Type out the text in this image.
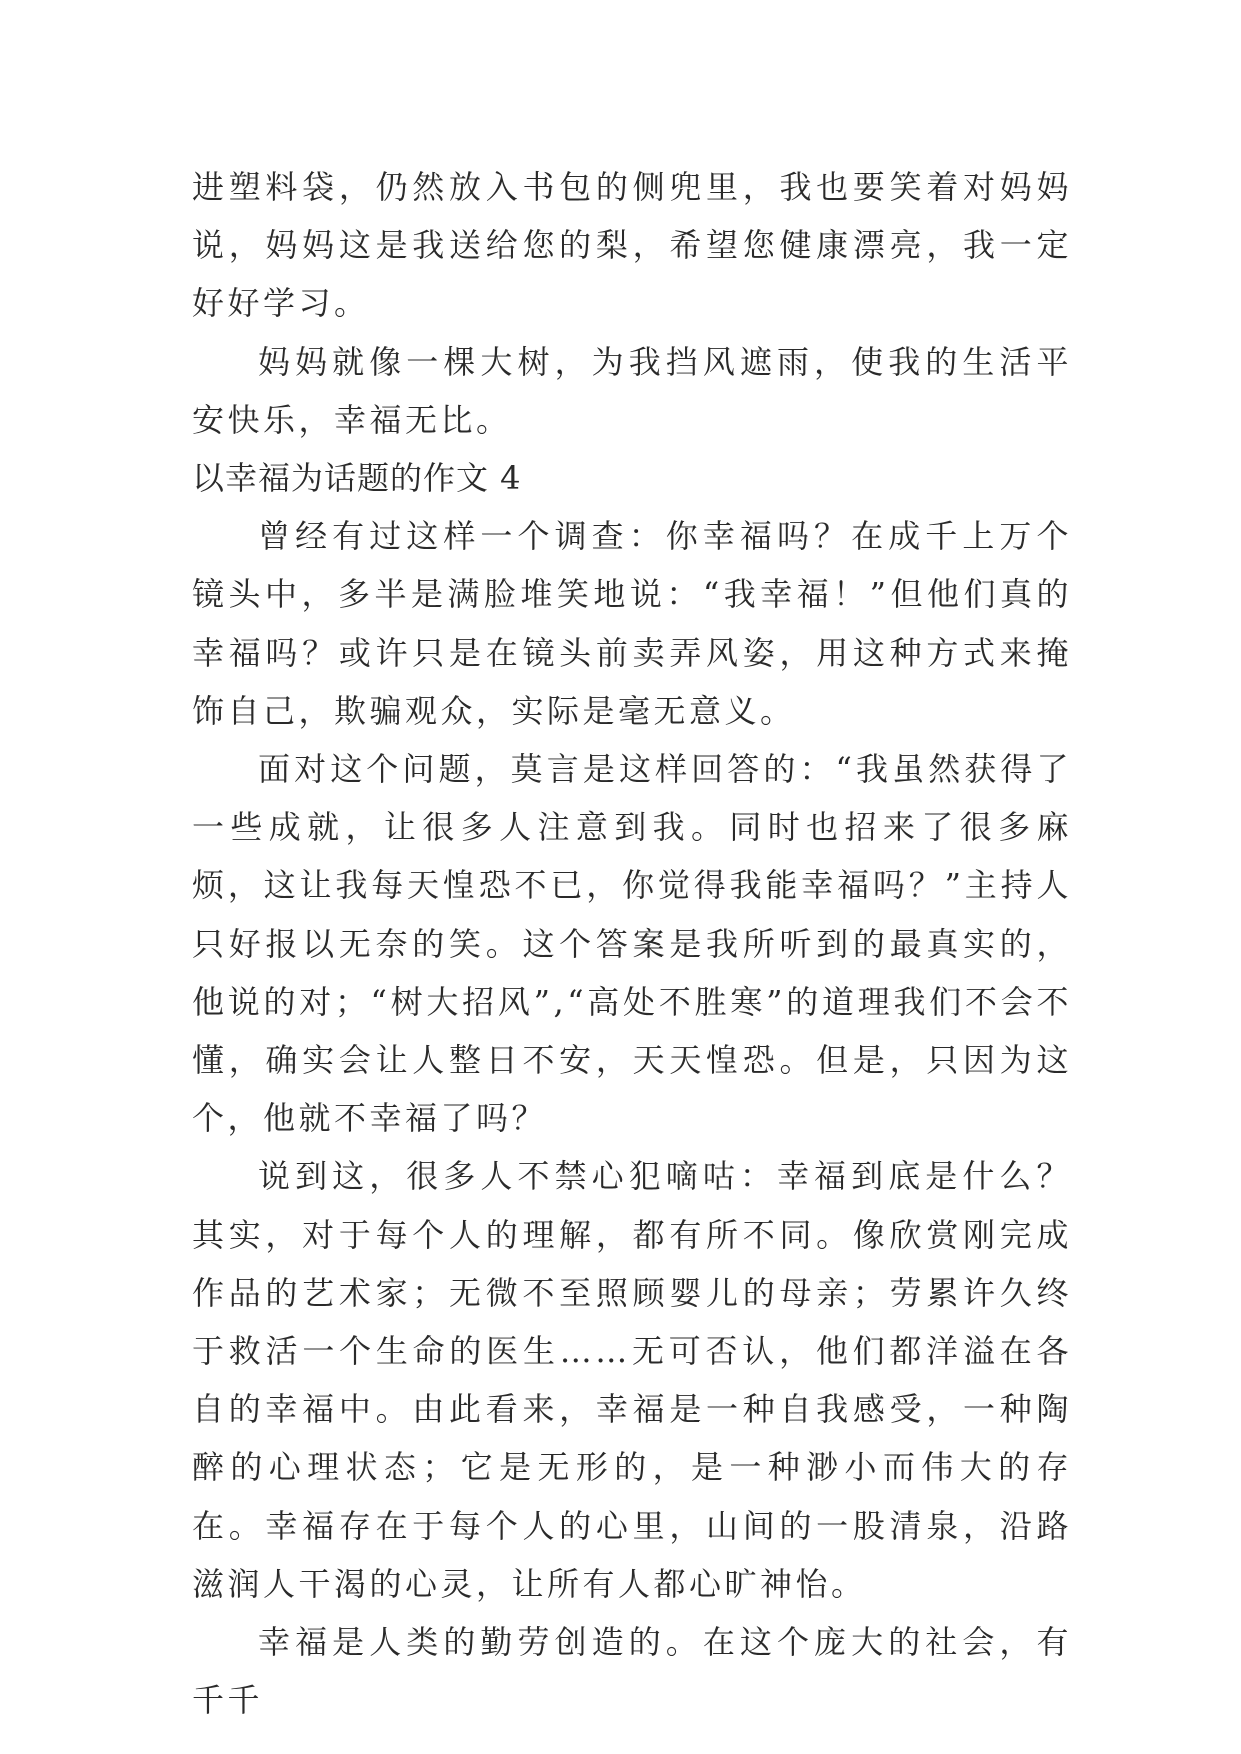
进塑料袋，仍然放入书包的侧兜里，我也要笑着对妈妈说，妈妈这是我送给您的梨，希望您健康漂亮，我一定好好学习。

妈妈就像一棵大树，为我挡风遮雨，使我的生活平安快乐，幸福无比。

以幸福为话题的作文 4

曾经有过这样一个调查：你幸福吗？在成千上万个镜头中，多半是满脸堆笑地说：“我幸福！”但他们真的幸福吗？或许只是在镜头前卖弄风姿，用这种方式来掩饰自己，欺骗观众，实际是毫无意义。

面对这个问题，莫言是这样回答的：“我虽然获得了一些成就，让很多人注意到我。同时也招来了很多麻烦，这让我每天惶恐不已，你觉得我能幸福吗？”主持人只好报以无奈的笑。这个答案是我所听到的最真实的，他说的对；“树大招风”,“高处不胜寒”的道理我们不会不懂，确实会让人整日不安，天天惶恐。但是，只因为这个，他就不幸福了吗？

说到这，很多人不禁心犯嘀咕：幸福到底是什么？其实，对于每个人的理解，都有所不同。像欣赏刚完成作品的艺术家；无微不至照顾婴儿的母亲；劳累许久终于救活一个生命的医生……无可否认，他们都洋溢在各自的幸福中。由此看来，幸福是一种自我感受，一种陶醉的心理状态；它是无形的，是一种渺小而伟大的存在。幸福存在于每个人的心里，山间的一股清泉，沿路滋润人干渴的心灵，让所有人都心旷神怡。

幸福是人类的勤劳创造的。在这个庞大的社会，有千千
